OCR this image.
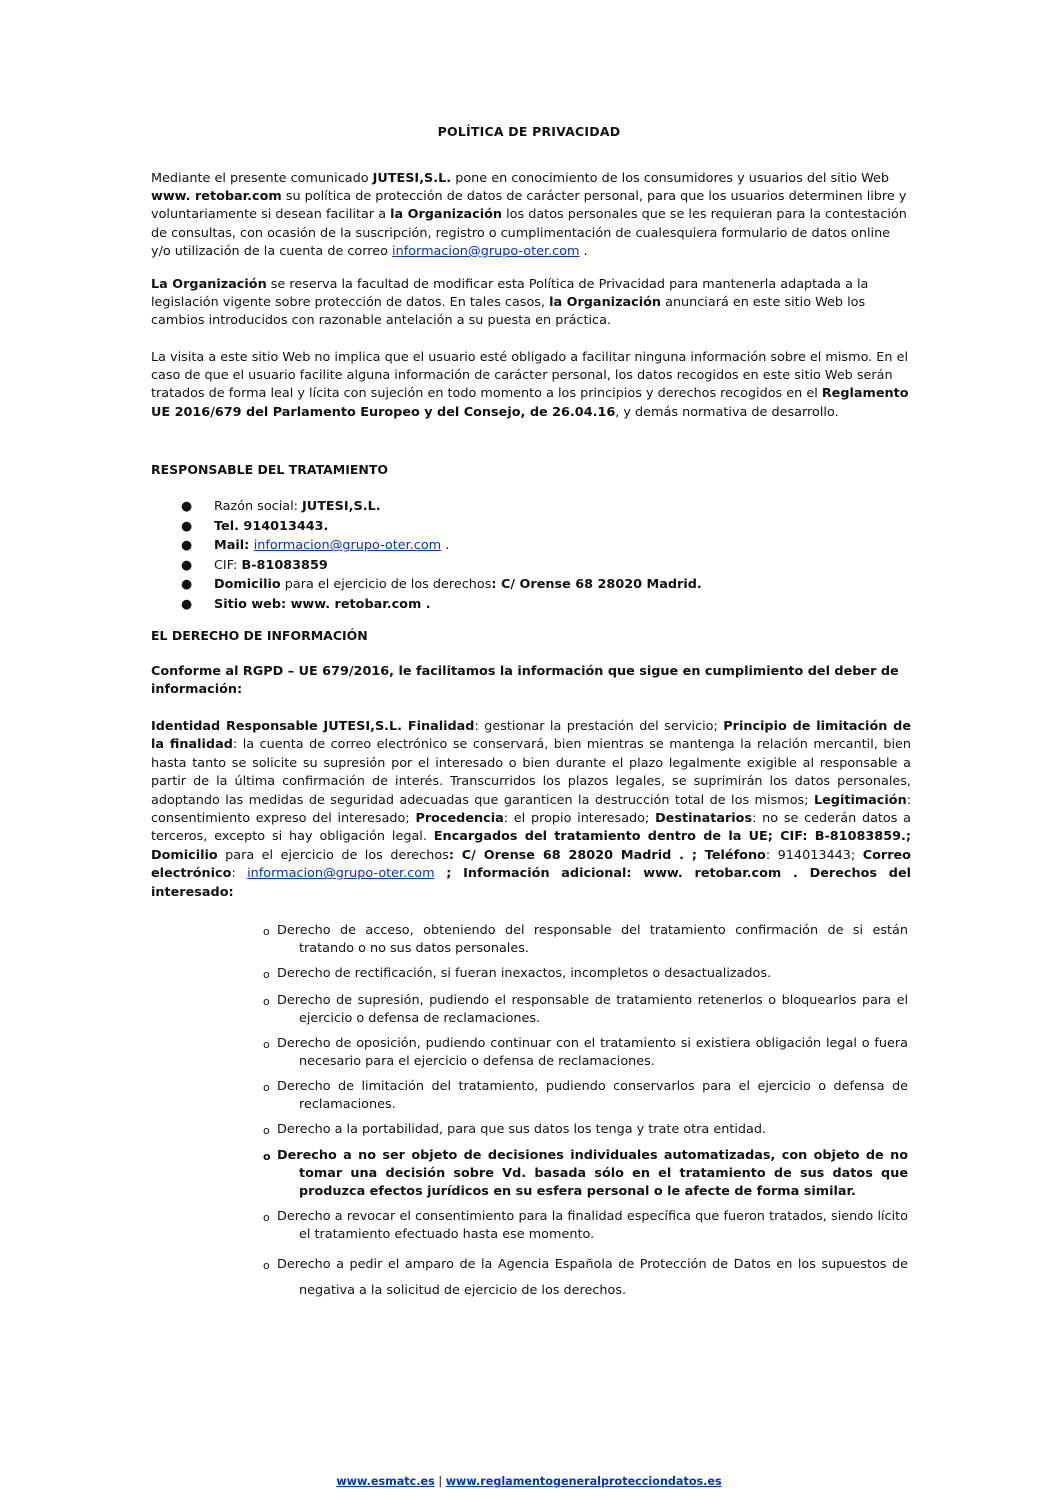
POLÍTICA DE PRIVACIDAD
Mediante el presente comunicado JUTESI,S.L. pone en conocimiento de los consumidores y usuarios del sitio Web www. retobar.com su política de protección de datos de carácter personal, para que los usuarios determinen libre y voluntariamente si desean facilitar a la Organización los datos personales que se les requieran para la contestación de consultas, con ocasión de la suscripción, registro o cumplimentación de cualesquiera formulario de datos online y/o utilización de la cuenta de correo informacion@grupo-oter.com .
La Organización se reserva la facultad de modificar esta Política de Privacidad para mantenerla adaptada a la legislación vigente sobre protección de datos. En tales casos, la Organización anunciará en este sitio Web los cambios introducidos con razonable antelación a su puesta en práctica.
La visita a este sitio Web no implica que el usuario esté obligado a facilitar ninguna información sobre el mismo. En el caso de que el usuario facilite alguna información de carácter personal, los datos recogidos en este sitio Web serán tratados de forma leal y lícita con sujeción en todo momento a los principios y derechos recogidos en el Reglamento UE 2016/679 del Parlamento Europeo y del Consejo, de 26.04.16, y demás normativa de desarrollo.
RESPONSABLE DEL TRATAMIENTO
● Razón social: JUTESI,S.L.
● Tel. 914013443.
● Mail: informacion@grupo-oter.com .
● CIF: B-81083859
● Domicilio para el ejercicio de los derechos: C/ Orense 68 28020 Madrid.
● Sitio web: www. retobar.com .
EL DERECHO DE INFORMACIÓN
Conforme al RGPD – UE 679/2016, le facilitamos la información que sigue en cumplimiento del deber de información:
Identidad Responsable JUTESI,S.L. Finalidad: gestionar la prestación del servicio; Principio de limitación de la finalidad: la cuenta de correo electrónico se conservará, bien mientras se mantenga la relación mercantil, bien hasta tanto se solicite su supresión por el interesado o bien durante el plazo legalmente exigible al responsable a partir de la última confirmación de interés. Transcurridos los plazos legales, se suprimirán los datos personales, adoptando las medidas de seguridad adecuadas que garanticen la destrucción total de los mismos; Legitimación: consentimiento expreso del interesado; Procedencia: el propio interesado; Destinatarios: no se cederán datos a terceros, excepto si hay obligación legal. Encargados del tratamiento dentro de la UE; CIF: B-81083859.; Domicilio para el ejercicio de los derechos: C/ Orense 68 28020 Madrid . ; Teléfono: 914013443; Correo electrónico: informacion@grupo-oter.com ; Información adicional: www. retobar.com . Derechos del interesado:
o Derecho de acceso, obteniendo del responsable del tratamiento confirmación de si están tratando o no sus datos personales.
o Derecho de rectificación, si fueran inexactos, incompletos o desactualizados.
o Derecho de supresión, pudiendo el responsable de tratamiento retenerlos o bloquearlos para el ejercicio o defensa de reclamaciones.
o Derecho de oposición, pudiendo continuar con el tratamiento si existiera obligación legal o fuera necesario para el ejercicio o defensa de reclamaciones.
o Derecho de limitación del tratamiento, pudiendo conservarlos para el ejercicio o defensa de reclamaciones.
o Derecho a la portabilidad, para que sus datos los tenga y trate otra entidad.
o Derecho a no ser objeto de decisiones individuales automatizadas, con objeto de no tomar una decisión sobre Vd. basada sólo en el tratamiento de sus datos que produzca efectos jurídicos en su esfera personal o le afecte de forma similar.
o Derecho a revocar el consentimiento para la finalidad específica que fueron tratados, siendo lícito el tratamiento efectuado hasta ese momento.
o Derecho a pedir el amparo de la Agencia Española de Protección de Datos en los supuestos de negativa a la solicitud de ejercicio de los derechos.
www.esmatc.es | www.reglamentogeneralprotecciondatos.es
